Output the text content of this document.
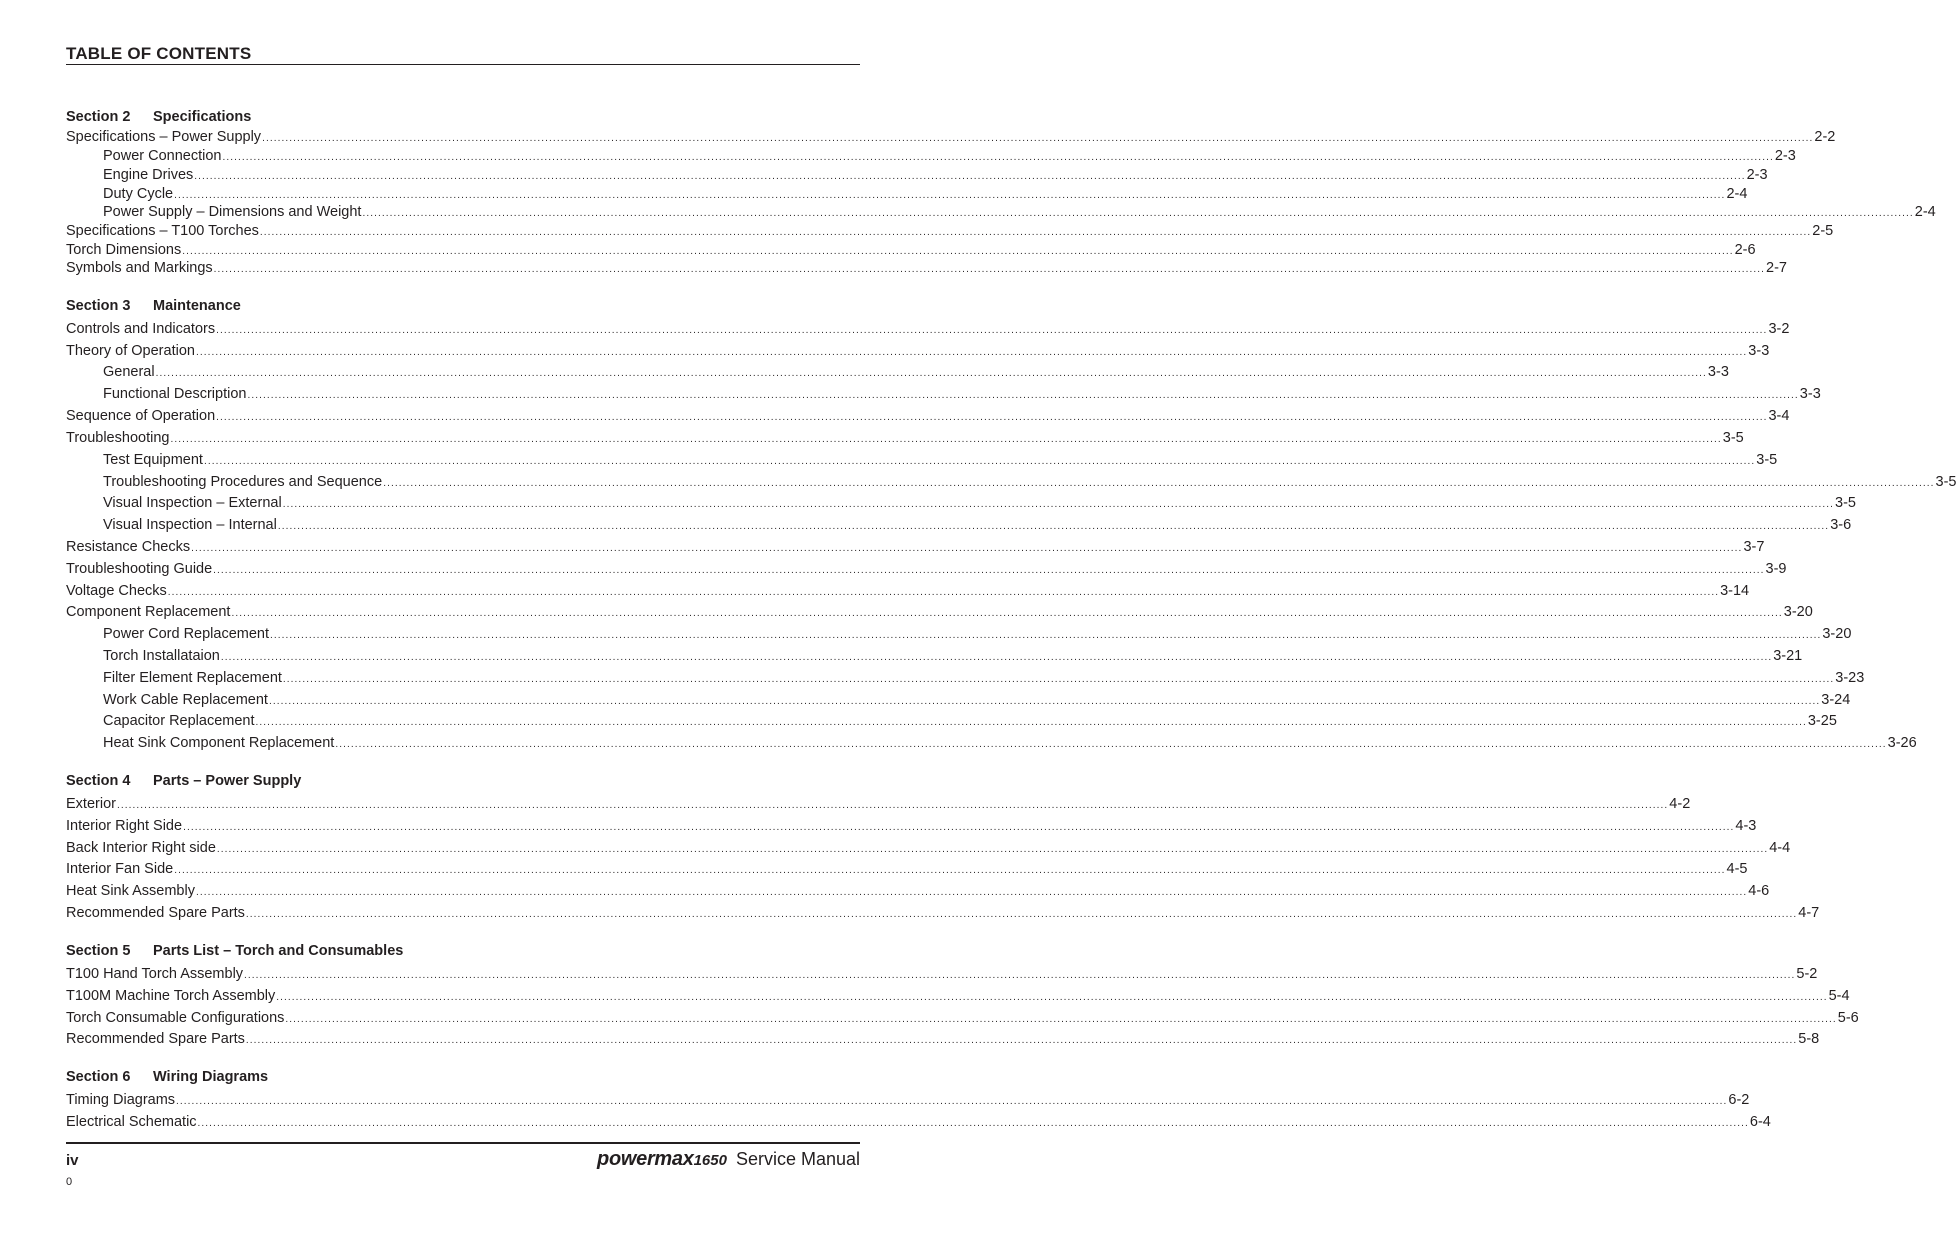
TABLE OF CONTENTS
Section 2 Specifications
Specifications – Power Supply ................................................................................................................................................................................................................................................................................................................................................................................................................ 2-2
Power Connection ................................................................................................................................................................................................................................................................................................................................................................................................................ 2-3
Engine Drives ................................................................................................................................................................................................................................................................................................................................................................................................................ 2-3
Duty Cycle ................................................................................................................................................................................................................................................................................................................................................................................................................ 2-4
Power Supply – Dimensions and Weight ................................................................................................................................................................................................................................................................................................................................................................................................................ 2-4
Specifications – T100 Torches ................................................................................................................................................................................................................................................................................................................................................................................................................ 2-5
Torch Dimensions ................................................................................................................................................................................................................................................................................................................................................................................................................ 2-6
Symbols and Markings ................................................................................................................................................................................................................................................................................................................................................................................................................ 2-7
Section 3 Maintenance
Controls and Indicators ................................................................................................................................................................................................................................................................................................................................................................................................................ 3-2
Theory of Operation ................................................................................................................................................................................................................................................................................................................................................................................................................ 3-3
General ................................................................................................................................................................................................................................................................................................................................................................................................................ 3-3
Functional Description ................................................................................................................................................................................................................................................................................................................................................................................................................ 3-3
Sequence of Operation ................................................................................................................................................................................................................................................................................................................................................................................................................ 3-4
Troubleshooting ................................................................................................................................................................................................................................................................................................................................................................................................................ 3-5
Test Equipment ................................................................................................................................................................................................................................................................................................................................................................................................................ 3-5
Troubleshooting Procedures and Sequence ................................................................................................................................................................................................................................................................................................................................................................................................................ 3-5
Visual Inspection – External ................................................................................................................................................................................................................................................................................................................................................................................................................ 3-5
Visual Inspection – Internal ................................................................................................................................................................................................................................................................................................................................................................................................................ 3-6
Resistance Checks ................................................................................................................................................................................................................................................................................................................................................................................................................ 3-7
Troubleshooting Guide ................................................................................................................................................................................................................................................................................................................................................................................................................ 3-9
Voltage Checks ................................................................................................................................................................................................................................................................................................................................................................................................................ 3-14
Component Replacement ................................................................................................................................................................................................................................................................................................................................................................................................................ 3-20
Power Cord Replacement ................................................................................................................................................................................................................................................................................................................................................................................................................ 3-20
Torch Installataion ................................................................................................................................................................................................................................................................................................................................................................................................................ 3-21
Filter Element Replacement ................................................................................................................................................................................................................................................................................................................................................................................................................ 3-23
Work Cable Replacement ................................................................................................................................................................................................................................................................................................................................................................................................................ 3-24
Capacitor Replacement ................................................................................................................................................................................................................................................................................................................................................................................................................ 3-25
Heat Sink Component Replacement ................................................................................................................................................................................................................................................................................................................................................................................................................ 3-26
Section 4 Parts – Power Supply
Exterior ................................................................................................................................................................................................................................................................................................................................................................................................................ 4-2
Interior Right Side ................................................................................................................................................................................................................................................................................................................................................................................................................ 4-3
Back Interior Right side ................................................................................................................................................................................................................................................................................................................................................................................................................ 4-4
Interior Fan Side ................................................................................................................................................................................................................................................................................................................................................................................................................ 4-5
Heat Sink Assembly ................................................................................................................................................................................................................................................................................................................................................................................................................ 4-6
Recommended Spare Parts ................................................................................................................................................................................................................................................................................................................................................................................................................ 4-7
Section 5 Parts List – Torch and Consumables
T100 Hand Torch Assembly ................................................................................................................................................................................................................................................................................................................................................................................................................ 5-2
T100M Machine Torch Assembly ................................................................................................................................................................................................................................................................................................................................................................................................................ 5-4
Torch Consumable Configurations ................................................................................................................................................................................................................................................................................................................................................................................................................ 5-6
Recommended Spare Parts ................................................................................................................................................................................................................................................................................................................................................................................................................ 5-8
Section 6 Wiring Diagrams
Timing Diagrams ................................................................................................................................................................................................................................................................................................................................................................................................................ 6-2
Electrical Schematic ................................................................................................................................................................................................................................................................................................................................................................................................................ 6-4
iv
0
powermax 1650 Service Manual
